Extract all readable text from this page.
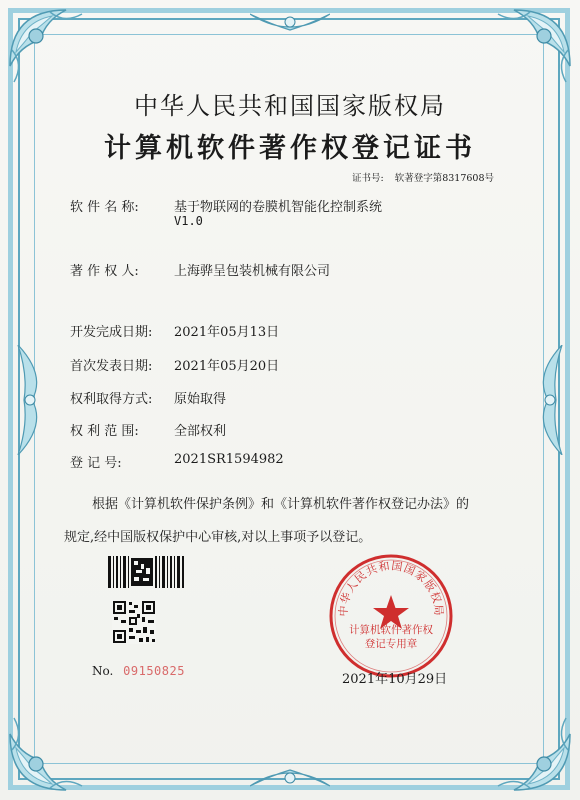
中华人民共和国国家版权局
计算机软件著作权登记证书
证书号: 软著登字第8317608号
软 件 名 称:	基于物联网的卷膜机智能化控制系统
V1.0
著 作 权 人:	上海骅呈包装机械有限公司
开发完成日期: 2021年05月13日
首次发表日期: 2021年05月20日
权利取得方式: 原始取得
权 利 范 围:	全部权利
登 记 号:	2021SR1594982
根据《计算机软件保护条例》和《计算机软件著作权登记办法》的
规定,经中国版权保护中心审核,对以上事项予以登记。
No. 09150825
中华人民共和国国家版权局
计算机软件著作权
登记专用章
2021年10月29日
